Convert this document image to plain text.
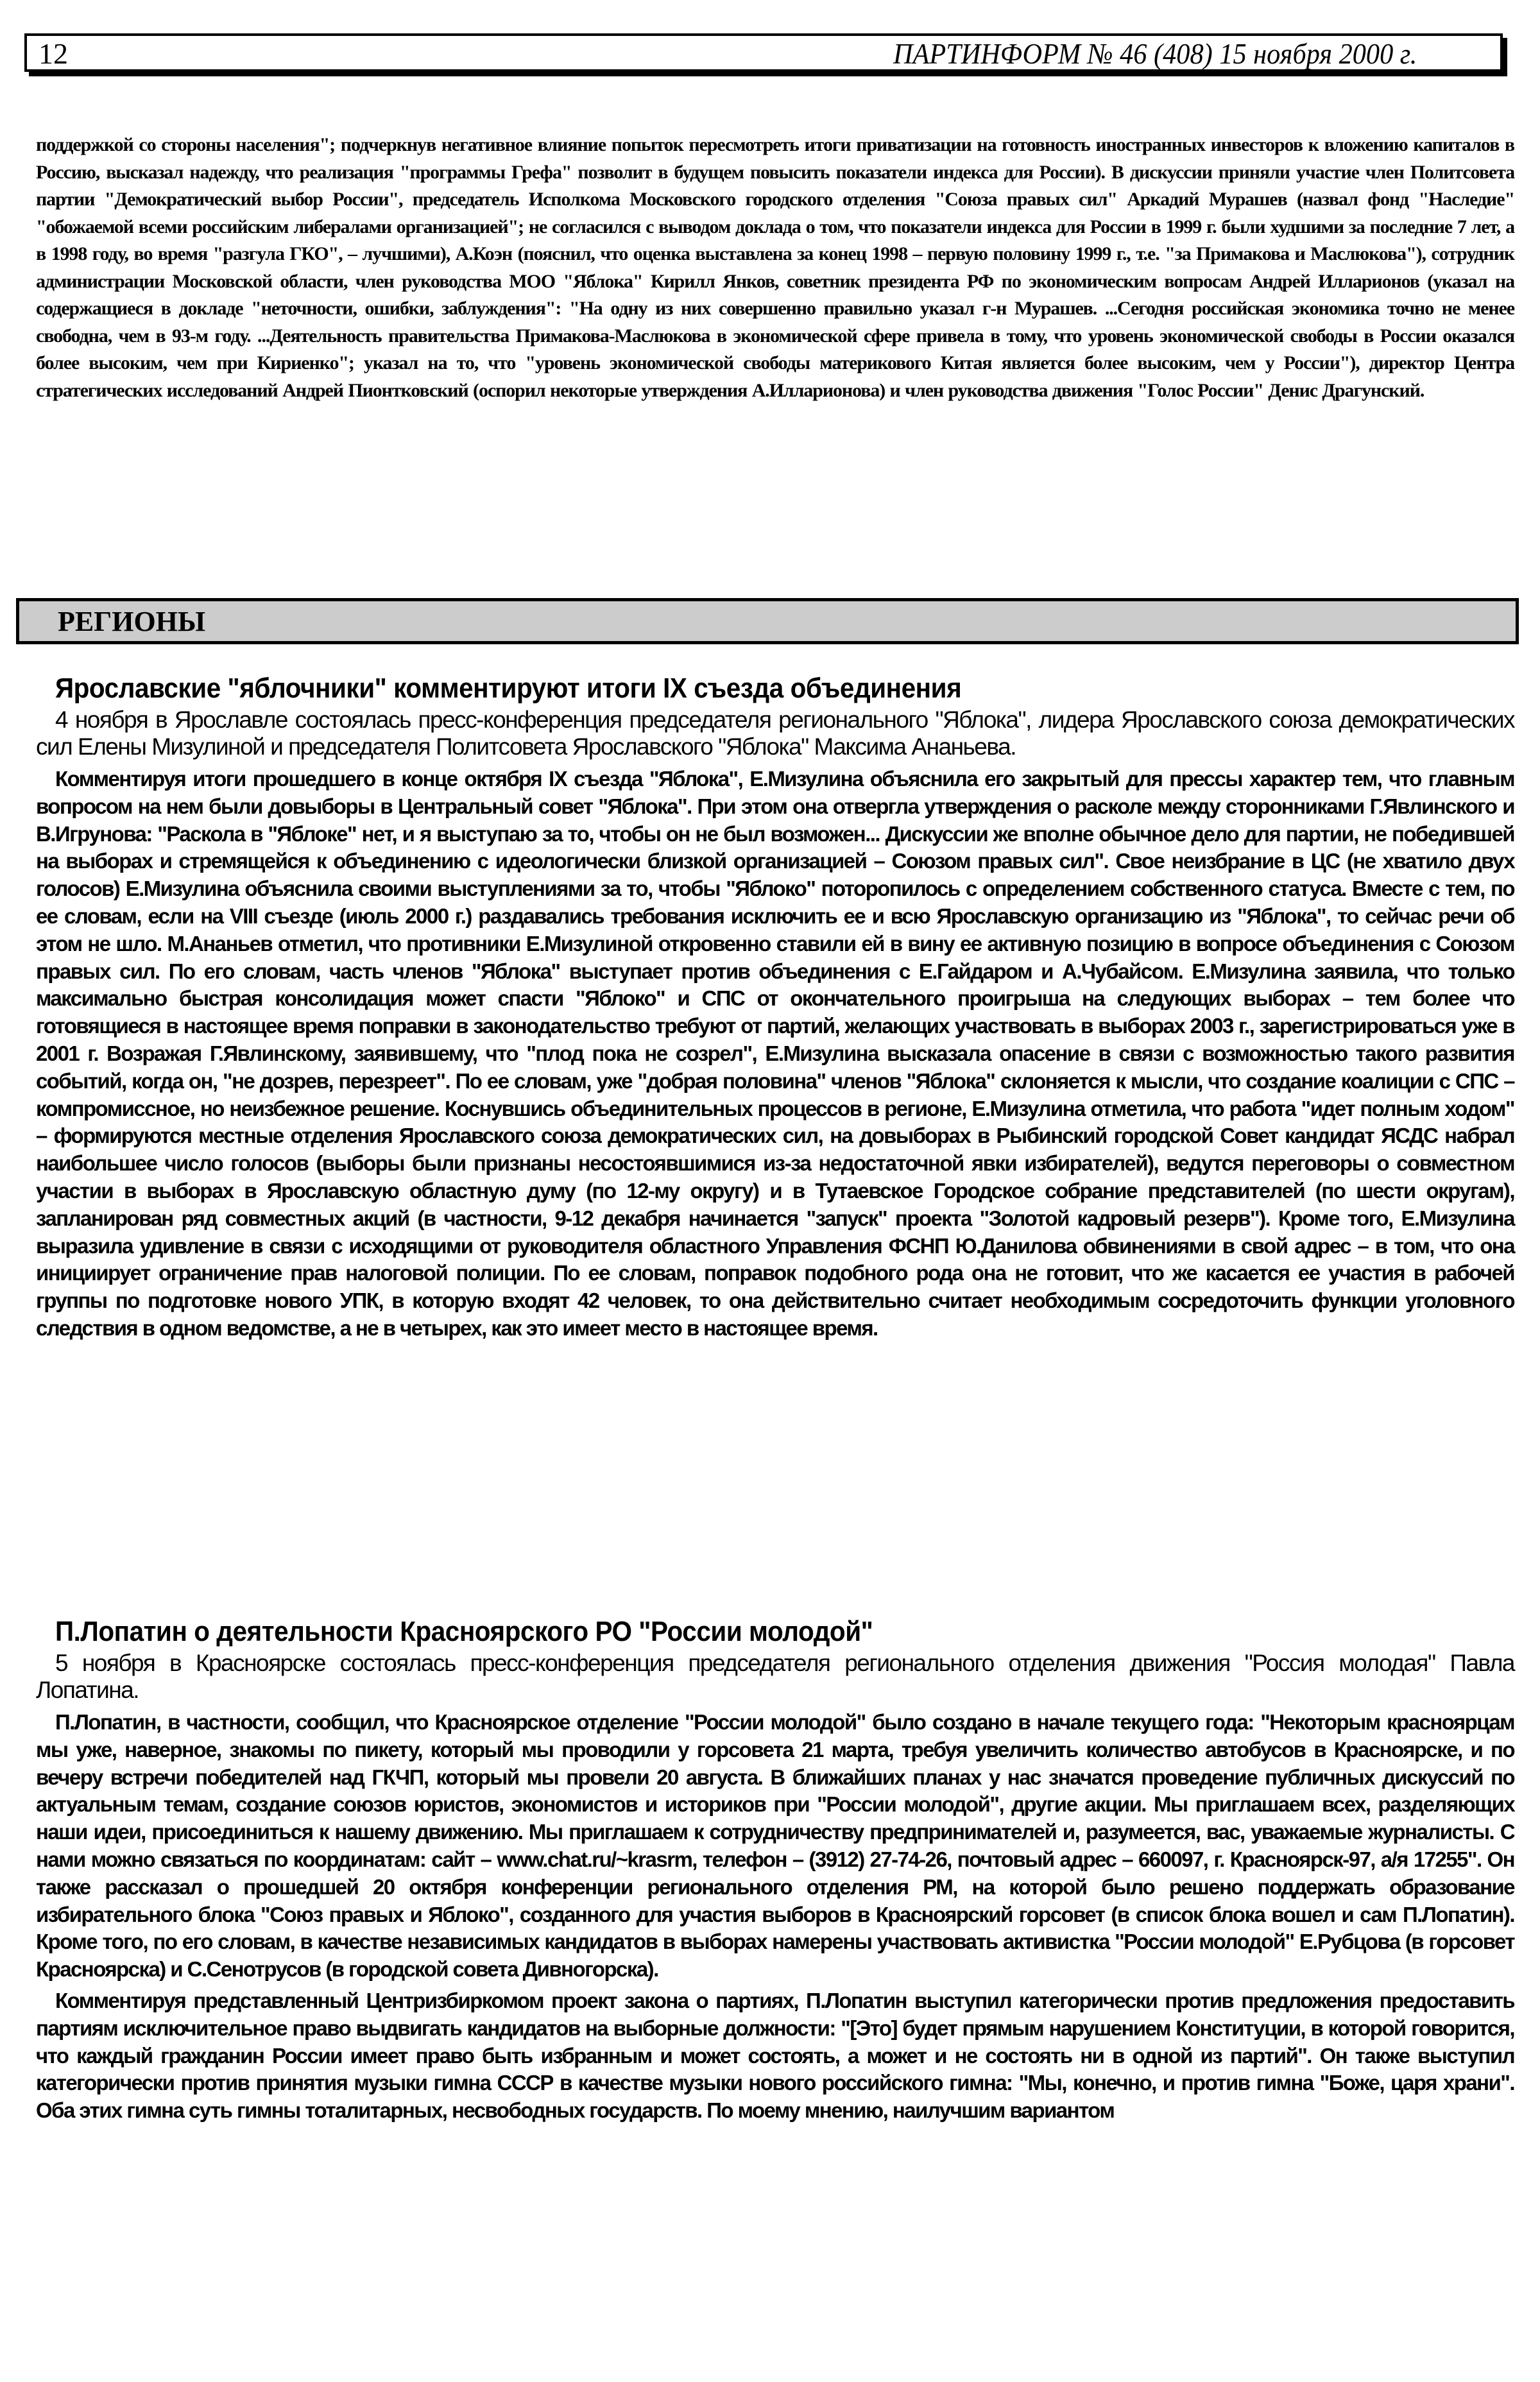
12	ПАРТИНФОРМ № 46 (408) 15 ноября 2000 г.
поддержкой со стороны населения"; подчеркнув негативное влияние попыток пересмотреть итоги приватизации на готовность иностранных инвесторов к вложению капиталов в Россию, высказал надежду, что реализация "программы Грефа" позволит в будущем повысить показатели индекса для России). В дискуссии приняли участие член Политсовета партии "Демократический выбор России", председатель Исполкома Московского городского отделения "Союза правых сил" Аркадий Мурашев (назвал фонд "Наследие" "обожаемой всеми российским либералами организацией"; не согласился с выводом доклада о том, что показатели индекса для России в 1999 г. были худшими за последние 7 лет, а в 1998 году, во время "разгула ГКО", – лучшими), А.Коэн (пояснил, что оценка выставлена за конец 1998 – первую половину 1999 г., т.е. "за Примакова и Маслюкова"), сотрудник администрации Московской области, член руководства МОО "Яблока" Кирилл Янков, советник президента РФ по экономическим вопросам Андрей Илларионов (указал на содержащиеся в докладе "неточности, ошибки, заблуждения": "На одну из них совершенно правильно указал г-н Мурашев. ...Сегодня российская экономика точно не менее свободна, чем в 93-м году. ...Деятельность правительства Примакова-Маслюкова в экономической сфере привела в тому, что уровень экономической свободы в России оказался более высоким, чем при Кириенко"; указал на то, что "уровень экономической свободы материкового Китая является более высоким, чем у России"), директор Центра стратегических исследований Андрей Пионтковский (оспорил некоторые утверждения А.Илларионова) и член руководства движения "Голос России" Денис Драгунский.
РЕГИОНЫ
Ярославские "яблочники" комментируют итоги IX съезда объединения

4 ноября в Ярославле состоялась пресс-конференция председателя регионального "Яблока", лидера Ярославского союза демократических сил Елены Мизулиной и председателя Политсовета Ярославского "Яблока" Максима Ананьева.

Комментируя итоги прошедшего в конце октября IX съезда "Яблока", Е.Мизулина объяснила его закрытый для прессы характер тем, что главным вопросом на нем были довыборы в Центральный совет "Яблока". При этом она отвергла утверждения о расколе между сторонниками Г.Явлинского и В.Игрунова: "Раскола в "Яблоке" нет, и я выступаю за то, чтобы он не был возможен... Дискуссии же вполне обычное дело для партии, не победившей на выборах и стремящейся к объединению с идеологически близкой организацией – Союзом правых сил". Свое неизбрание в ЦС (не хватило двух голосов) Е.Мизулина объяснила своими выступлениями за то, чтобы "Яблоко" поторопилось с определением собственного статуса. Вместе с тем, по ее словам, если на VIII съезде (июль 2000 г.) раздавались требования исключить ее и всю Ярославскую организацию из "Яблока", то сейчас речи об этом не шло. М.Ананьев отметил, что противники Е.Мизулиной откровенно ставили ей в вину ее активную позицию в вопросе объединения с Союзом правых сил. По его словам, часть членов "Яблока" выступает против объединения с Е.Гайдаром и А.Чубайсом. Е.Мизулина заявила, что только максимально быстрая консолидация может спасти "Яблоко" и СПС от окончательного проигрыша на следующих выборах – тем более что готовящиеся в настоящее время поправки в законодательство требуют от партий, желающих участвовать в выборах 2003 г., зарегистрироваться уже в 2001 г. Возражая Г.Явлинскому, заявившему, что "плод пока не созрел", Е.Мизулина высказала опасение в связи с возможностью такого развития событий, когда он, "не дозрев, перезреет". По ее словам, уже "добрая половина" членов "Яблока" склоняется к мысли, что создание коалиции с СПС – компромиссное, но неизбежное решение. Коснувшись объединительных процессов в регионе, Е.Мизулина отметила, что работа "идет полным ходом" – формируются местные отделения Ярославского союза демократических сил, на довыборах в Рыбинский городской Совет кандидат ЯСДС набрал наибольшее число голосов (выборы были признаны несостоявшимися из-за недостаточной явки избирателей), ведутся переговоры о совместном участии в выборах в Ярославскую областную думу (по 12-му округу) и в Тутаевское Городское собрание представителей (по шести округам), запланирован ряд совместных акций (в частности, 9-12 декабря начинается "запуск" проекта "Золотой кадровый резерв"). Кроме того, Е.Мизулина выразила удивление в связи с исходящими от руководителя областного Управления ФСНП Ю.Данилова обвинениями в свой адрес – в том, что она инициирует ограничение прав налоговой полиции. По ее словам, поправок подобного рода она не готовит, что же касается ее участия в рабочей группы по подготовке нового УПК, в которую входят 42 человек, то она действительно считает необходимым сосредоточить функции уголовного следствия в одном ведомстве, а не в четырех, как это имеет место в настоящее время.

П.Лопатин о деятельности Красноярского РО "России молодой"

5 ноября в Красноярске состоялась пресс-конференция председателя регионального отделения движения "Россия молодая" Павла Лопатина.

П.Лопатин, в частности, сообщил, что Красноярское отделение "России молодой" было создано в начале текущего года: "Некоторым красноярцам мы уже, наверное, знакомы по пикету, который мы проводили у горсовета 21 марта, требуя увеличить количество автобусов в Красноярске, и по вечеру встречи победителей над ГКЧП, который мы провели 20 августа. В ближайших планах у нас значатся проведение публичных дискуссий по актуальным темам, создание союзов юристов, экономистов и историков при "России молодой", другие акции. Мы приглашаем всех, разделяющих наши идеи, присоединиться к нашему движению. Мы приглашаем к сотрудничеству предпринимателей и, разумеется, вас, уважаемые журналисты. С нами можно связаться по координатам: сайт – www.chat.ru/~krasrm, телефон – (3912) 27-74-26, почтовый адрес – 660097, г. Красноярск-97, а/я 17255". Он также рассказал о прошедшей 20 октября конференции регионального отделения РМ, на которой было решено поддержать образование избирательного блока "Союз правых и Яблоко", созданного для участия выборов в Красноярский горсовет (в список блока вошел и сам П.Лопатин). Кроме того, по его словам, в качестве независимых кандидатов в выборах намерены участвовать активистка "России молодой" Е.Рубцова (в горсовет Красноярска) и С.Сенотрусов (в городской совета Дивногорска).

Комментируя представленный Центризбиркомом проект закона о партиях, П.Лопатин выступил категорически против предложения предоставить партиям исключительное право выдвигать кандидатов на выборные должности: "[Это] будет прямым нарушением Конституции, в которой говорится, что каждый гражданин России имеет право быть избранным и может состоять, а может и не состоять ни в одной из партий". Он также выступил категорически против принятия музыки гимна СССР в качестве музыки нового российского гимна: "Мы, конечно, и против гимна "Боже, царя храни". Оба этих гимна суть гимны тоталитарных, несвободных государств. По моему мнению, наилучшим вариантом
